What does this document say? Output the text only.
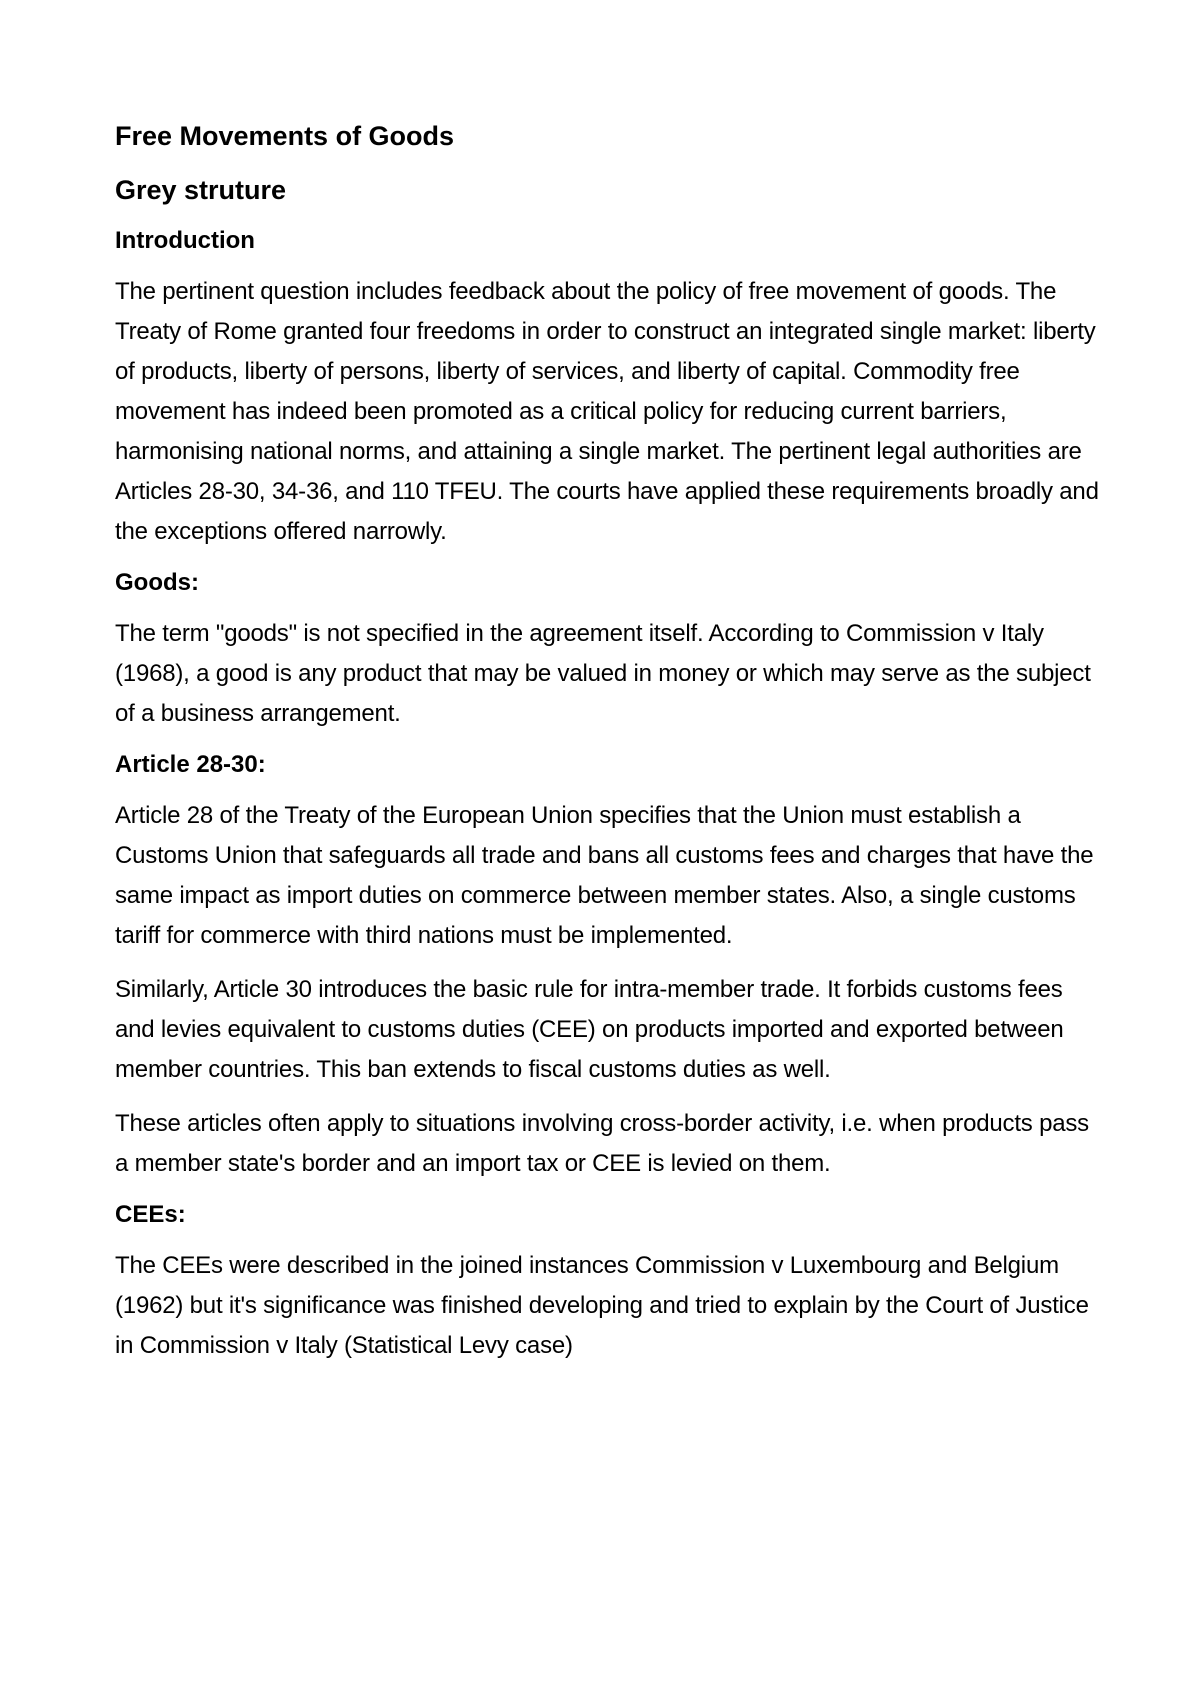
Free Movements of Goods
Grey struture
Introduction

The pertinent question includes feedback about the policy of free movement of goods. The Treaty of Rome granted four freedoms in order to construct an integrated single market: liberty of products, liberty of persons, liberty of services, and liberty of capital. Commodity free movement has indeed been promoted as a critical policy for reducing current barriers, harmonising national norms, and attaining a single market. The pertinent legal authorities are Articles 28-30, 34-36, and 110 TFEU. The courts have applied these requirements broadly and the exceptions offered narrowly.

Goods:

The term "goods" is not specified in the agreement itself. According to Commission v Italy (1968), a good is any product that may be valued in money or which may serve as the subject of a business arrangement.

Article 28-30:

Article 28 of the Treaty of the European Union specifies that the Union must establish a Customs Union that safeguards all trade and bans all customs fees and charges that have the same impact as import duties on commerce between member states. Also, a single customs tariff for commerce with third nations must be implemented.

Similarly, Article 30 introduces the basic rule for intra-member trade. It forbids customs fees and levies equivalent to customs duties (CEE) on products imported and exported between member countries. This ban extends to fiscal customs duties as well.

These articles often apply to situations involving cross-border activity, i.e. when products pass a member state's border and an import tax or CEE is levied on them.

CEEs:

The CEEs were described in the joined instances Commission v Luxembourg and Belgium (1962) but it's significance was finished developing and tried to explain by the Court of Justice in Commission v Italy (Statistical Levy case)
